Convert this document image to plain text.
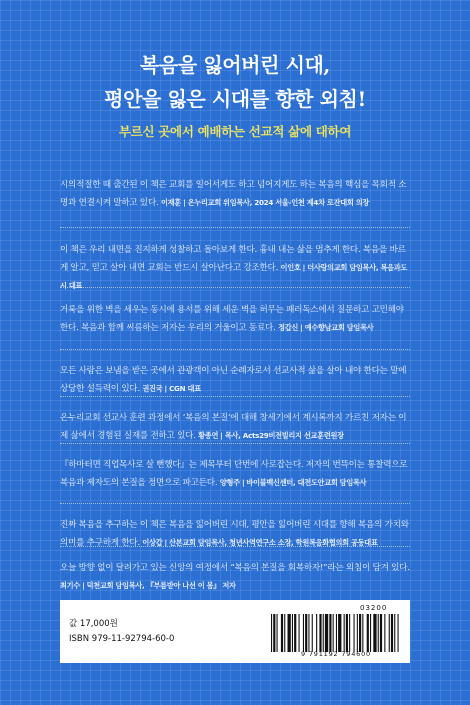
복음을 잃어버린 시대,
평안을 잃은 시대를 향한 외침!
부르신 곳에서 예배하는 선교적 삶에 대하여
시의적절한 때 출간된 이 책은 교회를 일어서게도 하고 넘어지게도 하는 복음의 핵심을 목회적 소명과 연결시켜 말하고 있다. 이재훈 | 온누리교회 위임목사, 2024 서울-인천 제4차 로잔대회 의장
이 책은 우리 내면을 진지하게 성찰하고 돌아보게 한다. 흉내 내는 삶을 멈추게 한다. 복음을 바르게 알고, 믿고 살아 내면 교회는 반드시 살아난다고 강조한다. 이인호 | 더사랑의교회 담임목사, 복음과도시 대표
거룩을 위한 벽을 세우는 동시에 용서를 위해 세운 벽을 허무는 패러독스에서 질문하고 고민해야 한다. 복음과 함께 씨름하는 저자는 우리의 거울이고 동료다. 정갑신 | 예수향남교회 담임목사
모든 사람은 보냄을 받은 곳에서 관광객이 아닌 순례자로서 선교사적 삶을 살아 내야 한다는 말에 상당한 설득력이 있다. 권진국 | CGN 대표
온누리교회 선교사 훈련 과정에서 ‘복음의 본질’에 대해 창세기에서 계시록까지 가르친 저자는 이제 삶에서 경험된 실재를 전하고 있다. 황종연 | 목사, Acts29비전빌리지 선교훈련원장
『하마터면 직업목사로 살 뻔했다』는 제목부터 단번에 사로잡는다. 저자의 번뜩이는 통찰력으로 복음과 제자도의 본질을 정면으로 파고든다. 양형주 | 바이블백신센터, 대전도안교회 담임목사
진짜 복음을 추구하는 이 책은 복음을 잃어버린 시대, 평안을 잃어버린 시대를 향해 복음의 가치와 의미를 추구하게 한다. 이상갑 | 산본교회 담임목사, 청년사역연구소 소장, 학원복음화협의회 공동대표
오늘 방향 없이 달려가고 있는 신앙의 여정에서 “복음의 본질을 회복하자!”라는 외침이 담겨 있다. 최기수 | 덕천교회 담임목사, 『부름받아 나선 이 몸』 저자
값 17,000원
ISBN 979-11-92794-60-0
03200
9 791192 794600
